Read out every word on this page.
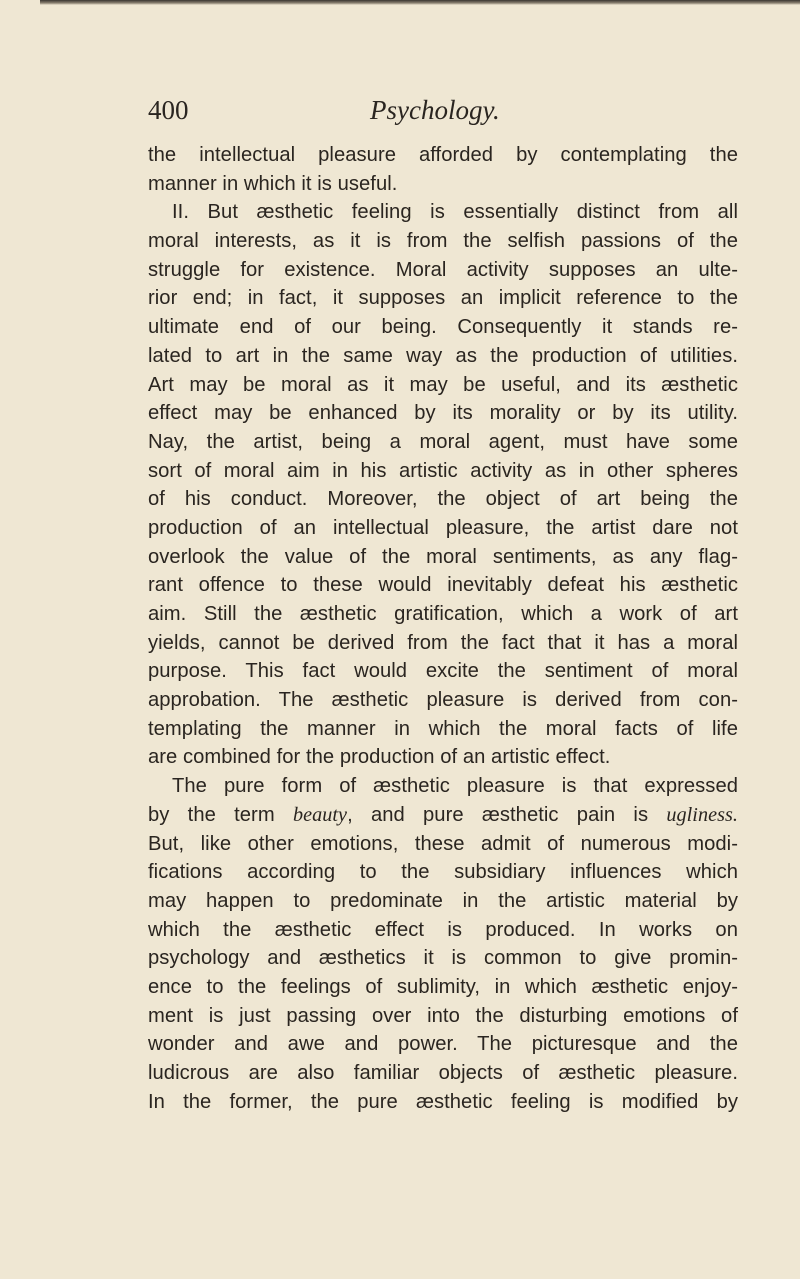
400	Psychology.
the intellectual pleasure afforded by contemplating the
manner in which it is useful.
II. But æsthetic feeling is essentially distinct from all
moral interests, as it is from the selfish passions of the
struggle for existence. Moral activity supposes an ulte-
rior end; in fact, it supposes an implicit reference to the
ultimate end of our being. Consequently it stands re-
lated to art in the same way as the production of utilities.
Art may be moral as it may be useful, and its æsthetic
effect may be enhanced by its morality or by its utility.
Nay, the artist, being a moral agent, must have some
sort of moral aim in his artistic activity as in other spheres
of his conduct. Moreover, the object of art being the
production of an intellectual pleasure, the artist dare not
overlook the value of the moral sentiments, as any flag-
rant offence to these would inevitably defeat his æsthetic
aim. Still the æsthetic gratification, which a work of art
yields, cannot be derived from the fact that it has a moral
purpose. This fact would excite the sentiment of moral
approbation. The æsthetic pleasure is derived from con-
templating the manner in which the moral facts of life
are combined for the production of an artistic effect.
The pure form of æsthetic pleasure is that expressed
by the term beauty, and pure æsthetic pain is ugliness.
But, like other emotions, these admit of numerous modi-
fications according to the subsidiary influences which
may happen to predominate in the artistic material by
which the æsthetic effect is produced. In works on
psychology and æsthetics it is common to give promin-
ence to the feelings of sublimity, in which æsthetic enjoy-
ment is just passing over into the disturbing emotions of
wonder and awe and power. The picturesque and the
ludicrous are also familiar objects of æsthetic pleasure.
In the former, the pure æsthetic feeling is modified by
